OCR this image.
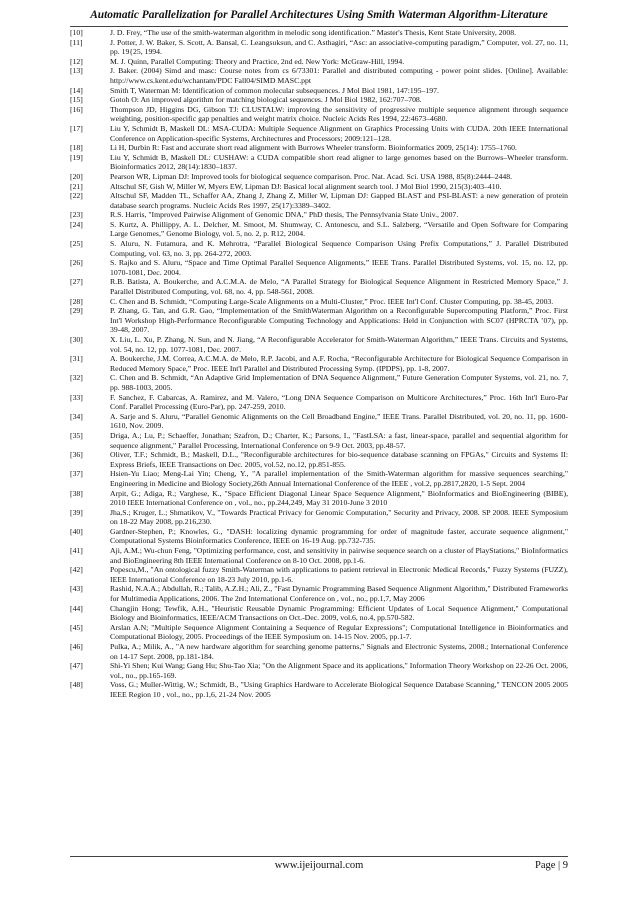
Automatic Parallelization for Parallel Architectures Using Smith Waterman Algorithm-Literature
[10]	J. D. Frey, “The use of the smith-waterman algorithm in melodic song identification.” Master's Thesis, Kent State University, 2008.
[11]	J. Potter, J. W. Baker, S. Scott, A. Bansal, C. Leangsuksun, and C. Asthagiri, “Asc: an associative-computing paradigm,” Computer, vol. 27, no. 11, pp. 19{25, 1994.
[12]	M. J. Quinn, Parallel Computing: Theory and Practice, 2nd ed. New York: McGraw-Hill, 1994.
[13]	J. Baker. (2004) Simd and masc: Course notes from cs 6/73301: Parallel and distributed computing - power point slides. [Online]. Available: http://www.cs.kent.edu/wchantam/PDC Fall04/SIMD MASC.ppt
[14]	Smith T, Waterman M: Identification of common molecular subsequences. J Mol Biol 1981, 147:195–197.
[15]	Gotoh O: An improved algorithm for matching biological sequences. J Mol Biol 1982, 162:707–708.
[16]	Thompson JD, Higgins DG, Gibson TJ: CLUSTALW: improving the sensitivity of progressive multiple sequence alignment through sequence weighting, position-specific gap penalties and weight matrix choice. Nucleic Acids Res 1994, 22:4673–4680.
[17]	Liu Y, Schmidt B, Maskell DL: MSA-CUDA: Multiple Sequence Alignment on Graphics Processing Units with CUDA. 20th IEEE International Conference on Application-specific Systems, Architectures and Processors; 2009:121–128.
[18]	Li H, Durbin R: Fast and accurate short read alignment with Burrows Wheeler transform. Bioinformatics 2009, 25(14): 1755–1760.
[19]	Liu Y, Schmidt B, Maskell DL: CUSHAW: a CUDA compatible short read aligner to large genomes based on the Burrows–Wheeler transform. Bioinformatics 2012, 28(14):1830–1837.
[20]	Pearson WR, Lipman DJ: Improved tools for biological sequence comparison. Proc. Nat. Acad. Sci. USA 1988, 85(8):2444–2448.
[21]	Altschul SF, Gish W, Miller W, Myers EW, Lipman DJ: Basical local alignment search tool. J Mol Biol 1990, 215(3):403–410.
[22]	Altschul SF, Madden TL, Schaffer AA, Zhang J, Zhang Z, Miller W, Lipman DJ: Gapped BLAST and PSI-BLAST: a new generation of protein database search programs. Nucleic Acids Res 1997, 25(17):3389–3402.
[23]	R.S. Harris, "Improved Pairwise Alignment of Genomic DNA," PhD thesis, The Pennsylvania State Univ., 2007.
[24]	S. Kurtz, A. Phillippy, A. L. Delcher, M. Smoot, M. Shumway, C. Antonescu, and S.L. Salzberg, “Versatile and Open Software for Comparing Large Genomes,” Genome Biology, vol. 5, no. 2, p. R12, 2004.
[25]	S. Aluru, N. Futamura, and K. Mehrotra, “Parallel Biological Sequence Comparison Using Prefix Computations,” J. Parallel Distributed Computing, vol. 63, no. 3, pp. 264-272, 2003.
[26]	S. Rajko and S. Aluru, “Space and Time Optimal Parallel Sequence Alignments,” IEEE Trans. Parallel Distributed Systems, vol. 15, no. 12, pp. 1070-1081, Dec. 2004.
[27]	R.B. Batista, A. Boukerche, and A.C.M.A. de Melo, “A Parallel Strategy for Biological Sequence Alignment in Restricted Memory Space,” J. Parallel Distributed Computing, vol. 68, no. 4, pp. 548-561, 2008.
[28]	C. Chen and B. Schmidt, “Computing Large-Scale Alignments on a Multi-Cluster,” Proc. IEEE Int'l Conf. Cluster Computing, pp. 38-45, 2003.
[29]	P. Zhang, G. Tan, and G.R. Gao, “Implementation of the SmithWaterman Algorithm on a Reconfigurable Supercomputing Platform,” Proc. First Int'l Workshop High-Performance Reconfigurable Computing Technology and Applications: Held in Conjunction with SC07 (HPRCTA ’07), pp. 39-48, 2007.
[30]	X. Liu, L. Xu, P. Zhang, N. Sun, and N. Jiang, “A Reconfigurable Accelerator for Smith-Waterman Algorithm,” IEEE Trans. Circuits and Systems, vol. 54, no. 12, pp. 1077-1081, Dec. 2007.
[31]	A. Boukerche, J.M. Correa, A.C.M.A. de Melo, R.P. Jacobi, and A.F. Rocha, “Reconfigurable Architecture for Biological Sequence Comparison in Reduced Memory Space,” Proc. IEEE Int'l Parallel and Distributed Processing Symp. (IPDPS), pp. 1-8, 2007.
[32]	C. Chen and B. Schmidt, “An Adaptive Grid Implementation of DNA Sequence Alignment,” Future Generation Computer Systems, vol. 21, no. 7, pp. 988-1003, 2005.
[33]	F. Sanchez, F. Cabarcas, A. Ramirez, and M. Valero, “Long DNA Sequence Comparison on Multicore Architectures,” Proc. 16th Int'l Euro-Par Conf. Parallel Processing (Euro-Par), pp. 247-259, 2010.
[34]	A. Sarje and S. Aluru, “Parallel Genomic Alignments on the Cell Broadband Engine,” IEEE Trans. Parallel Distributed, vol. 20, no. 11, pp. 1600-1610, Nov. 2009.
[35]	Driga, A.; Lu, P.; Schaeffer, Jonathan; Szafron, D.; Charter, K.; Parsons, I., "FastLSA: a fast, linear-space, parallel and sequential algorithm for sequence alignment," Parallel Processing, International Conference on 9-9 Oct. 2003, pp.48-57.
[36]	Oliver, T.F.; Schmidt, B.; Maskell, D.L., "Reconfigurable architectures for bio-sequence database scanning on FPGAs," Circuits and Systems II: Express Briefs, IEEE Transactions on Dec. 2005, vol.52, no.12, pp.851-855.
[37]	Hsien-Yu Liao; Meng-Lai Yin; Cheng, Y., "A parallel implementation of the Smith-Waterman algorithm for massive sequences searching," Engineering in Medicine and Biology Society,26th Annual International Conference of the IEEE , vol.2, pp.2817,2820, 1-5 Sept. 2004
[38]	Arpit, G.; Adiga, R.; Varghese, K., "Space Efficient Diagonal Linear Space Sequence Alignment," BioInformatics and BioEngineering (BIBE), 2010 IEEE International Conference on , vol., no., pp.244,249, May 31 2010-June 3 2010
[39]	Jha,S.; Kruger, L.; Shmatikov, V., "Towards Practical Privacy for Genomic Computation," Security and Privacy, 2008. SP 2008. IEEE Symposium on 18-22 May 2008, pp.216,230.
[40]	Gardner-Stephen, P.; Knowles, G., "DASH: localizing dynamic programming for order of magnitude faster, accurate sequence alignment," Computational Systems Bioinformatics Conference, IEEE on 16-19 Aug. pp.732-735.
[41]	Aji, A.M.; Wu-chun Feng, "Optimizing performance, cost, and sensitivity in pairwise sequence search on a cluster of PlayStations," BioInformatics and BioEngineering 8th IEEE International Conference on 8-10 Oct. 2008, pp.1-6.
[42]	Popescu,M., "An ontological fuzzy Smith-Waterman with applications to patient retrieval in Electronic Medical Records," Fuzzy Systems (FUZZ), IEEE International Conference on 18-23 July 2010, pp.1-6.
[43]	Rashid, N.A.A.; Abdullah, R.; Talib, A.Z.H.; Ali, Z., "Fast Dynamic Programming Based Sequence Alignment Algorithm," Distributed Frameworks for Multimedia Applications, 2006. The 2nd International Conference on , vol., no., pp.1,7, May 2006
[44]	Changjin Hong; Tewfik, A.H., "Heuristic Reusable Dynamic Programming: Efficient Updates of Local Sequence Alignment," Computational Biology and Bioinformatics, IEEE/ACM Transactions on Oct.-Dec. 2009, vol.6, no.4, pp.570-582.
[45]	Arslan A.N; "Multiple Sequence Alignment Containing a Sequence of Regular Expressions"; Computational Intelligence in Bioinformatics and Computational Biology, 2005. Proceedings of the IEEE Symposium on. 14-15 Nov. 2005, pp.1-7.
[46]	Pulka, A.; Milik, A., "A new hardware algorithm for searching genome patterns," Signals and Electronic Systems, 2008.; International Conference on 14-17 Sept. 2008, pp.181-184.
[47]	Shi-Yi Shen; Kui Wang; Gang Hu; Shu-Tao Xia; "On the Alignment Space and its applications," Information Theory Workshop on 22-26 Oct. 2006, vol., no., pp.165-169.
[48]	Voss, G.; Muller-Wittig, W.; Schmidt, B., "Using Graphics Hardware to Accelerate Biological Sequence Database Scanning," TENCON 2005 2005 IEEE Region 10 , vol., no., pp.1,6, 21-24 Nov. 2005
www.ijeijournal.com	Page | 9
